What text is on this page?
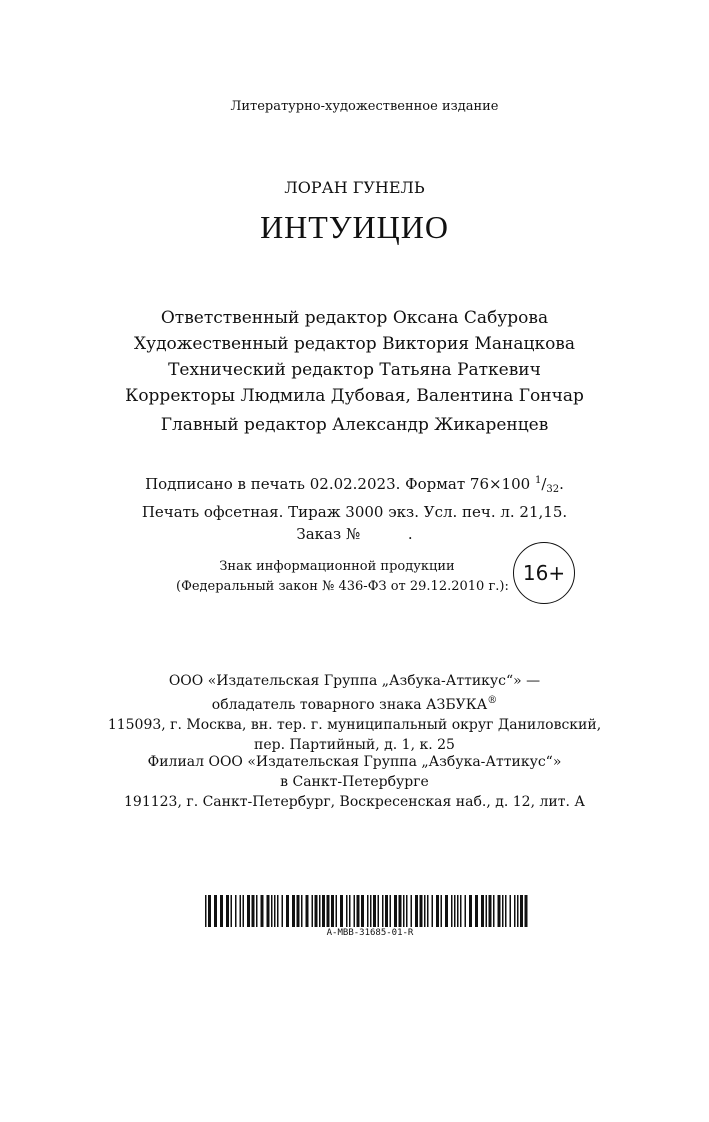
Литературно-художественное издание
ЛОРАН ГУНЕЛЬ
ИНТУИЦИО
Ответственный редактор Оксана Сабурова
Художественный редактор Виктория Манацкова
Технический редактор Татьяна Раткевич
Корректоры Людмила Дубовая, Валентина Гончар
Главный редактор Александр Жикаренцев
Подписано в печать 02.02.2023. Формат 76×100 $^1/_{32}$.
Печать офсетная. Тираж 3000 экз. Усл. печ. л. 21,15.
Заказ №          .
Знак информационной продукции
(Федеральный закон № 436-ФЗ от 29.12.2010 г.):
16+
ООО «Издательская Группа „Азбука-Аттикус“» —
обладатель товарного знака АЗБУКА®
115093, г. Москва, вн. тер. г. муниципальный округ Даниловский,
пер. Партийный, д. 1, к. 25
Филиал ООО «Издательская Группа „Азбука-Аттикус“»
в Санкт-Петербурге
191123, г. Санкт-Петербург, Воскресенская наб., д. 12, лит. А
A-MBB-31685-01-R
